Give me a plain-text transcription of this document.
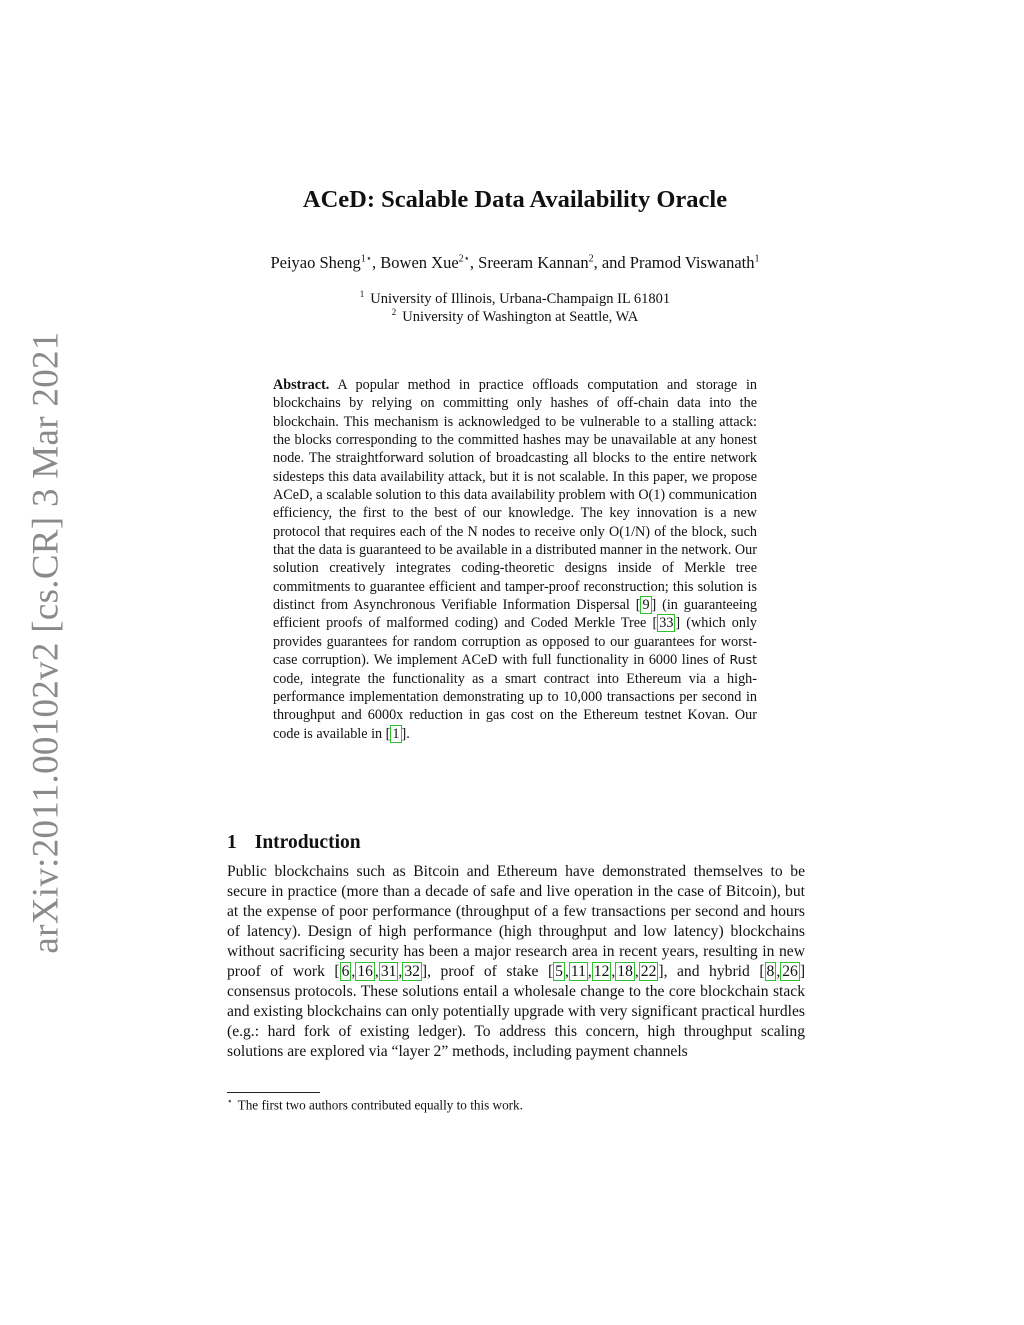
arXiv:2011.00102v2 [cs.CR] 3 Mar 2021
ACeD: Scalable Data Availability Oracle
Peiyao Sheng$^{1⋆}$, Bowen Xue$^{2⋆}$, Sreeram Kannan$^2$, and Pramod Viswanath$^1$
$^1$ University of Illinois, Urbana-Champaign IL 61801
$^2$ University of Washington at Seattle, WA
Abstract. A popular method in practice offloads computation and storage in blockchains by relying on committing only hashes of off-chain data into the blockchain. This mechanism is acknowledged to be vulnerable to a stalling attack: the blocks corresponding to the committed hashes may be unavailable at any honest node. The straightforward solution of broadcasting all blocks to the entire network sidesteps this data availability attack, but it is not scalable. In this paper, we propose ACeD, a scalable solution to this data availability problem with O(1) communication efficiency, the first to the best of our knowledge. The key innovation is a new protocol that requires each of the N nodes to receive only O(1/N) of the block, such that the data is guaranteed to be available in a distributed manner in the network. Our solution creatively integrates coding-theoretic designs inside of Merkle tree commitments to guarantee efficient and tamper-proof reconstruction; this solution is distinct from Asynchronous Verifiable Information Dispersal [ 9 ] (in guaranteeing efficient proofs of malformed coding) and Coded Merkle Tree [ 33 ] (which only provides guarantees for random corruption as opposed to our guarantees for worst-case corruption). We implement ACeD with full functionality in 6000 lines of Rust code, integrate the functionality as a smart contract into Ethereum via a high-performance implementation demonstrating up to 10,000 transactions per second in throughput and 6000x reduction in gas cost on the Ethereum testnet Kovan. Our code is available in [ 1 ].
1 Introduction
Public blockchains such as Bitcoin and Ethereum have demonstrated themselves to be secure in practice (more than a decade of safe and live operation in the case of Bitcoin), but at the expense of poor performance (throughput of a few transactions per second and hours of latency). Design of high performance (high throughput and low latency) blockchains without sacrificing security has been a major research area in recent years, resulting in new proof of work [ 6 , 16 , 31 , 32 ], proof of stake [ 5 , 11 , 12 , 18 , 22 ], and hybrid [ 8 , 26 ] consensus protocols. These solutions entail a wholesale change to the core blockchain stack and existing blockchains can only potentially upgrade with very significant practical hurdles (e.g.: hard fork of existing ledger). To address this concern, high throughput scaling solutions are explored via “layer 2” methods, including payment channels
⋆ The first two authors contributed equally to this work.
